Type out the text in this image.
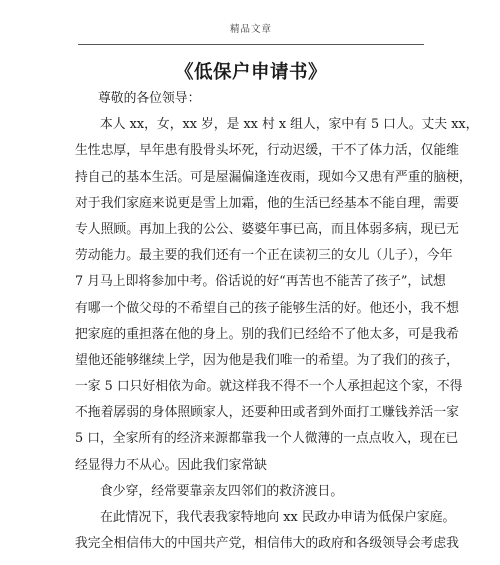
精品文章
《低保户申请书》
尊敬的各位领导：
本人 xx，女，xx 岁，是 xx 村 x 组人，家中有 5 口人。丈夫 xx，
生性忠厚，早年患有股骨头坏死，行动迟缓，干不了体力活，仅能维
持自己的基本生活。可是屋漏偏逢连夜雨，现如今又患有严重的脑梗，
对于我们家庭来说更是雪上加霜，他的生活已经基本不能自理，需要
专人照顾。再加上我的公公、婆婆年事已高，而且体弱多病，现已无
劳动能力。最主要的我们还有一个正在读初三的女儿（儿子），今年
7 月马上即将参加中考。俗话说的好“再苦也不能苦了孩子”，试想
有哪一个做父母的不希望自己的孩子能够生活的好。他还小，我不想
把家庭的重担落在他的身上。别的我们已经给不了他太多，可是我希
望他还能够继续上学，因为他是我们唯一的希望。为了我们的孩子，
一家 5 口只好相依为命。就这样我不得不一个人承担起这个家，不得
不拖着孱弱的身体照顾家人，还要种田或者到外面打工赚钱养活一家
5 口，全家所有的经济来源都靠我一个人微薄的一点点收入，现在已
经显得力不从心。因此我们家常缺
食少穿，经常要靠亲友四邻们的救济渡日。
在此情况下，我代表我家特地向 xx 民政办申请为低保户家庭。
我完全相信伟大的中国共产党，相信伟大的政府和各级领导会考虑我
